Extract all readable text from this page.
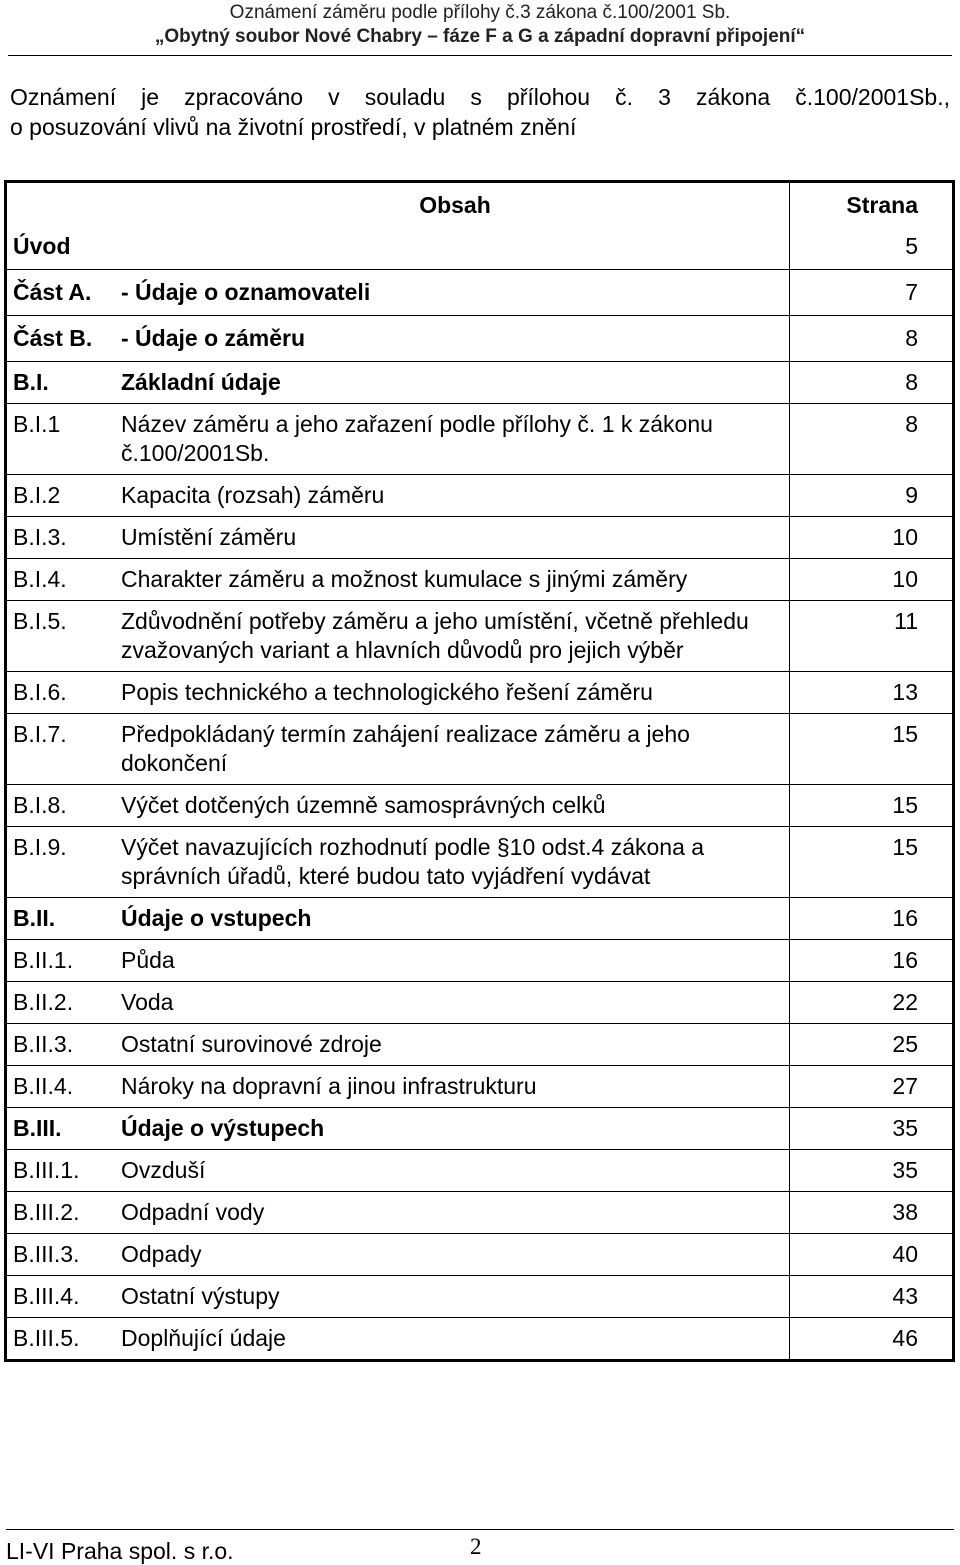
Oznámení záměru podle přílohy č.3 zákona č.100/2001 Sb.
„Obytný soubor Nové Chabry – fáze F a G a západní dopravní připojení“
Oznámení je zpracováno v souladu s přílohou č. 3 zákona č.100/2001Sb.,
o posuzování vlivů na životní prostředí, v platném znění
	Obsah	Strana
Úvod		5
Část A.	- Údaje o oznamovateli	7
Část B.	- Údaje o záměru	8
B.I.	Základní údaje	8
B.I.1	Název záměru a jeho zařazení podle přílohy č. 1 k zákonu
č.100/2001Sb.	8
B.I.2	Kapacita (rozsah) záměru	9
B.I.3.	Umístění záměru	10
B.I.4.	Charakter záměru a možnost kumulace s jinými záměry	10
B.I.5.	Zdůvodnění potřeby záměru a jeho umístění, včetně přehledu
zvažovaných variant a hlavních důvodů pro jejich výběr	11
B.I.6.	Popis technického a technologického řešení záměru	13
B.I.7.	Předpokládaný termín zahájení realizace záměru a jeho
dokončení	15
B.I.8.	Výčet dotčených územně samosprávných celků	15
B.I.9.	Výčet navazujících rozhodnutí podle §10 odst.4 zákona a
správních úřadů, které budou tato vyjádření vydávat	15
B.II.	Údaje o vstupech	16
B.II.1.	Půda	16
B.II.2.	Voda	22
B.II.3.	Ostatní surovinové zdroje	25
B.II.4.	Nároky na dopravní a jinou infrastrukturu	27
B.III.	Údaje o výstupech	35
B.III.1.	Ovzduší	35
B.III.2.	Odpadní vody	38
B.III.3.	Odpady	40
B.III.4.	Ostatní výstupy	43
B.III.5.	Doplňující údaje	46
LI-VI Praha spol. s r.o.	2
